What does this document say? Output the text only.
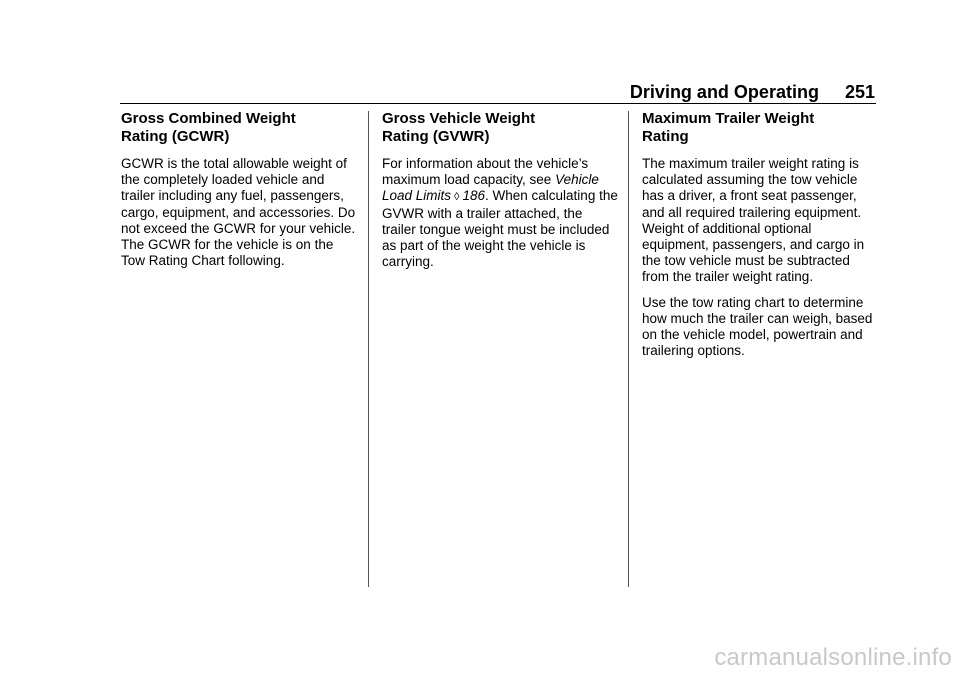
Driving and Operating 251
Gross Combined Weight
Rating (GCWR)

GCWR is the total allowable weight of the completely loaded vehicle and trailer including any fuel, passengers, cargo, equipment, and accessories. Do not exceed the GCWR for your vehicle. The GCWR for the vehicle is on the Tow Rating Chart following.

Gross Vehicle Weight
Rating (GVWR)

For information about the vehicle’s maximum load capacity, see Vehicle Load Limits ◊ 186. When calculating the GVWR with a trailer attached, the trailer tongue weight must be included as part of the weight the vehicle is carrying.

Maximum Trailer Weight
Rating

The maximum trailer weight rating is calculated assuming the tow vehicle has a driver, a front seat passenger, and all required trailering equipment. Weight of additional optional equipment, passengers, and cargo in the tow vehicle must be subtracted from the trailer weight rating.

Use the tow rating chart to determine how much the trailer can weigh, based on the vehicle model, powertrain and trailering options.

carmanualsonline.info
